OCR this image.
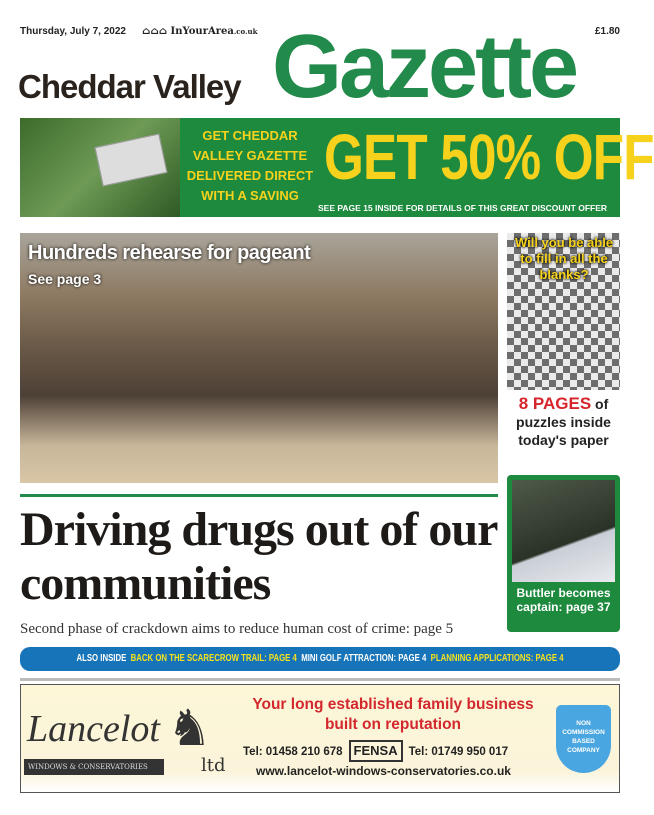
Thursday, July 7, 2022 ⌂⌂⌂ InYourArea.co.uk	£1.80
Cheddar Valley Gazette
GET CHEDDAR VALLEY GAZETTE DELIVERED DIRECT WITH A SAVING
GET 50% OFF
SEE PAGE 15 INSIDE FOR DETAILS OF THIS GREAT DISCOUNT OFFER
Hundreds rehearse for pageant
See page 3
Will you be able to fill in all the blanks?
8 PAGES of puzzles inside today's paper
Driving drugs out of our communities
Second phase of crackdown aims to reduce human cost of crime: page 5
Buttler becomes captain: page 37
ALSO INSIDE BACK ON THE SCARECROW TRAIL: PAGE 4 MINI GOLF ATTRACTION: PAGE 4 PLANNING APPLICATIONS: PAGE 4
Lancelot
WINDOWS & CONSERVATORIES
♞
ltd
Your long established family business built on reputation
Tel: 01458 210 678 FENSA Tel: 01749 950 017
www.lancelot-windows-conservatories.co.uk
NON COMMISSION BASED COMPANY
